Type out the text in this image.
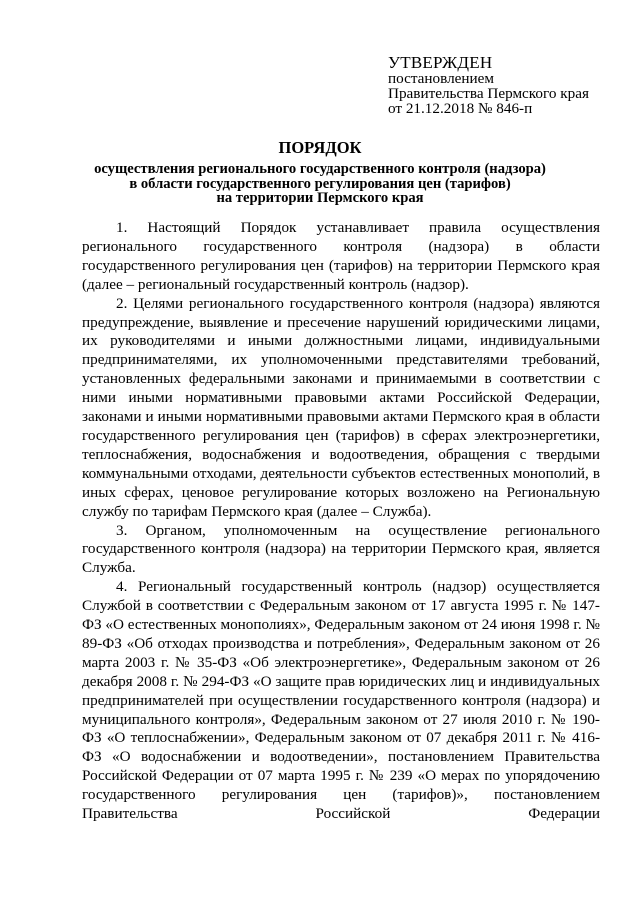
УТВЕРЖДЕН
постановлением
Правительства Пермского края
от 21.12.2018 № 846-п
ПОРЯДОК
осуществления регионального государственного контроля (надзора)
в области государственного регулирования цен (тарифов)
на территории Пермского края

1. Настоящий Порядок устанавливает правила осуществления регионального государственного контроля (надзора) в области государственного регулирования цен (тарифов) на территории Пермского края (далее – региональный государственный контроль (надзор).

2. Целями регионального государственного контроля (надзора) являются предупреждение, выявление и пресечение нарушений юридическими лицами, их руководителями и иными должностными лицами, индивидуальными предпринимателями, их уполномоченными представителями требований, установленных федеральными законами и принимаемыми в соответствии с ними иными нормативными правовыми актами Российской Федерации, законами и иными нормативными правовыми актами Пермского края в области государственного регулирования цен (тарифов) в сферах электроэнергетики, теплоснабжения, водоснабжения и водоотведения, обращения с твердыми коммунальными отходами, деятельности субъектов естественных монополий, в иных сферах, ценовое регулирование которых возложено на Региональную службу по тарифам Пермского края (далее – Служба).

3. Органом, уполномоченным на осуществление регионального государственного контроля (надзора) на территории Пермского края, является Служба.

4. Региональный государственный контроль (надзор) осуществляется Службой в соответствии с Федеральным законом от 17 августа 1995 г. № 147-ФЗ «О естественных монополиях», Федеральным законом от 24 июня 1998 г. № 89-ФЗ «Об отходах производства и потребления», Федеральным законом от 26 марта 2003 г. № 35-ФЗ «Об электроэнергетике», Федеральным законом от 26 декабря 2008 г. № 294-ФЗ «О защите прав юридических лиц и индивидуальных предпринимателей при осуществлении государственного контроля (надзора) и муниципального контроля», Федеральным законом от 27 июля 2010 г. № 190-ФЗ «О теплоснабжении», Федеральным законом от 07 декабря 2011 г. № 416-ФЗ «О водоснабжении и водоотведении», постановлением Правительства Российской Федерации от 07 марта 1995 г. № 239 «О мерах по упорядочению государственного регулирования цен (тарифов)», постановлением Правительства Российской Федерации
